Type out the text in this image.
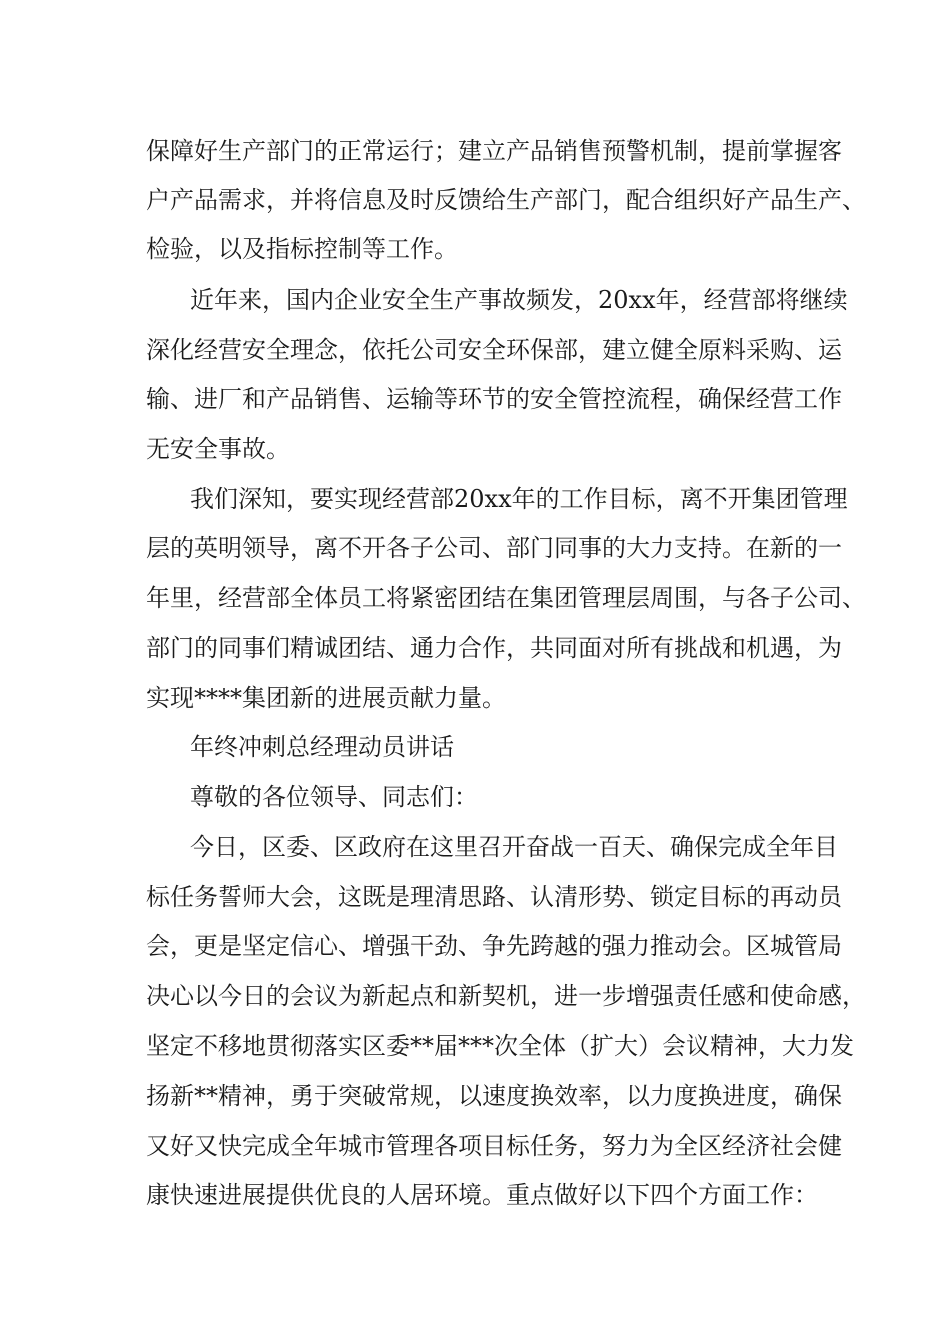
保障好生产部门的正常运行；建立产品销售预警机制，提前掌握客
户产品需求，并将信息及时反馈给生产部门，配合组织好产品生产、
检验，以及指标控制等工作。
近年来，国内企业安全生产事故频发，20xx年，经营部将继续
深化经营安全理念，依托公司安全环保部，建立健全原料采购、运
输、进厂和产品销售、运输等环节的安全管控流程，确保经营工作
无安全事故。
我们深知，要实现经营部20xx年的工作目标，离不开集团管理
层的英明领导，离不开各子公司、部门同事的大力支持。在新的一
年里，经营部全体员工将紧密团结在集团管理层周围，与各子公司、
部门的同事们精诚团结、通力合作，共同面对所有挑战和机遇，为
实现****集团新的进展贡献力量。
年终冲刺总经理动员讲话
尊敬的各位领导、同志们：
今日，区委、区政府在这里召开奋战一百天、确保完成全年目
标任务誓师大会，这既是理清思路、认清形势、锁定目标的再动员
会，更是坚定信心、增强干劲、争先跨越的强力推动会。区城管局
决心以今日的会议为新起点和新契机，进一步增强责任感和使命感，
坚定不移地贯彻落实区委**届***次全体（扩大）会议精神，大力发
扬新**精神，勇于突破常规，以速度换效率，以力度换进度，确保
又好又快完成全年城市管理各项目标任务，努力为全区经济社会健
康快速进展提供优良的人居环境。重点做好以下四个方面工作：
